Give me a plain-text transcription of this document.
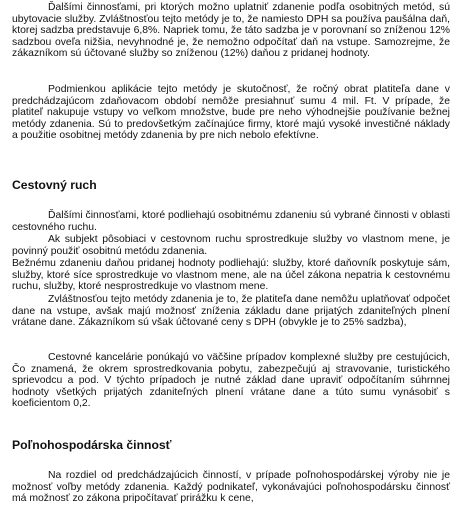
Ďalšími činnosťami, pri ktorých možno uplatniť zdanenie podľa osobitných metód, sú ubytovacie služby. Zvláštnosťou tejto metódy je to, že namiesto DPH sa používa paušálna daň, ktorej sadzba predstavuje 6,8%. Napriek tomu, že táto sadzba je v porovnaní so zníženou 12% sadzbou oveľa nižšia, nevyhnodné je, že nemožno odpočítať daň na vstupe. Samozrejme, že zákazníkom sú účtované služby so zníženou (12%) daňou z pridanej hodnoty.

Podmienkou aplikácie tejto metódy je skutočnosť, že ročný obrat platiteľa dane v predchádzajúcom zdaňovacom období nemôže presiahnuť sumu 4 mil. Ft. V prípade, že platiteľ nakupuje vstupy vo veľkom množstve, bude pre neho výhodnejšie používanie bežnej metódy zdanenia. Sú to predovšetkým začínajúce firmy, ktoré majú vysoké investičné náklady a použitie osobitnej metódy zdanenia by pre nich nebolo efektívne.

Cestovný ruch

Ďalšími činnosťami, ktoré podliehajú osobitnému zdaneniu sú vybrané činnosti v oblasti cestovného ruchu.

Ak subjekt pôsobiaci v cestovnom ruchu sprostredkuje služby vo vlastnom mene, je povinný použiť osobitnú metódu zdanenia.

Bežnému zdaneniu daňou pridanej hodnoty podliehajú: služby, ktoré daňovník poskytuje sám, služby, ktoré síce sprostredkuje vo vlastnom mene, ale na účel zákona nepatria k cestovnému ruchu, služby, ktoré nesprostredkuje vo vlastnom mene.

Zvláštnosťou tejto metódy zdanenia je to, že platiteľa dane nemôžu uplatňovať odpočet dane na vstupe, avšak majú možnosť zníženia základu dane prijatých zdaniteľných plnení vrátane dane. Zákazníkom sú však účtované ceny s DPH (obvykle je to 25% sadzba),

Cestovné kancelárie ponúkajú vo väčšine prípadov komplexné služby pre cestujúcich, Čo znamená, že okrem sprostredkovania pobytu, zabezpečujú aj stravovanie, turistického sprievodcu a pod. V týchto prípadoch je nutné základ dane upraviť odpočítaním súhrnnej hodnoty všetkých prijatých zdaniteľných plnení vrátane dane a túto sumu vynásobiť s koeficientom 0,2.

Poľnohospodárska činnosť

Na rozdiel od predchádzajúcich činností, v prípade poľnohospodárskej výroby nie je možnosť voľby metódy zdanenia. Každý podnikateľ, vykonávajúci poľnohospodársku činnosť má možnosť zo zákona pripočítavať prirážku k cene,
